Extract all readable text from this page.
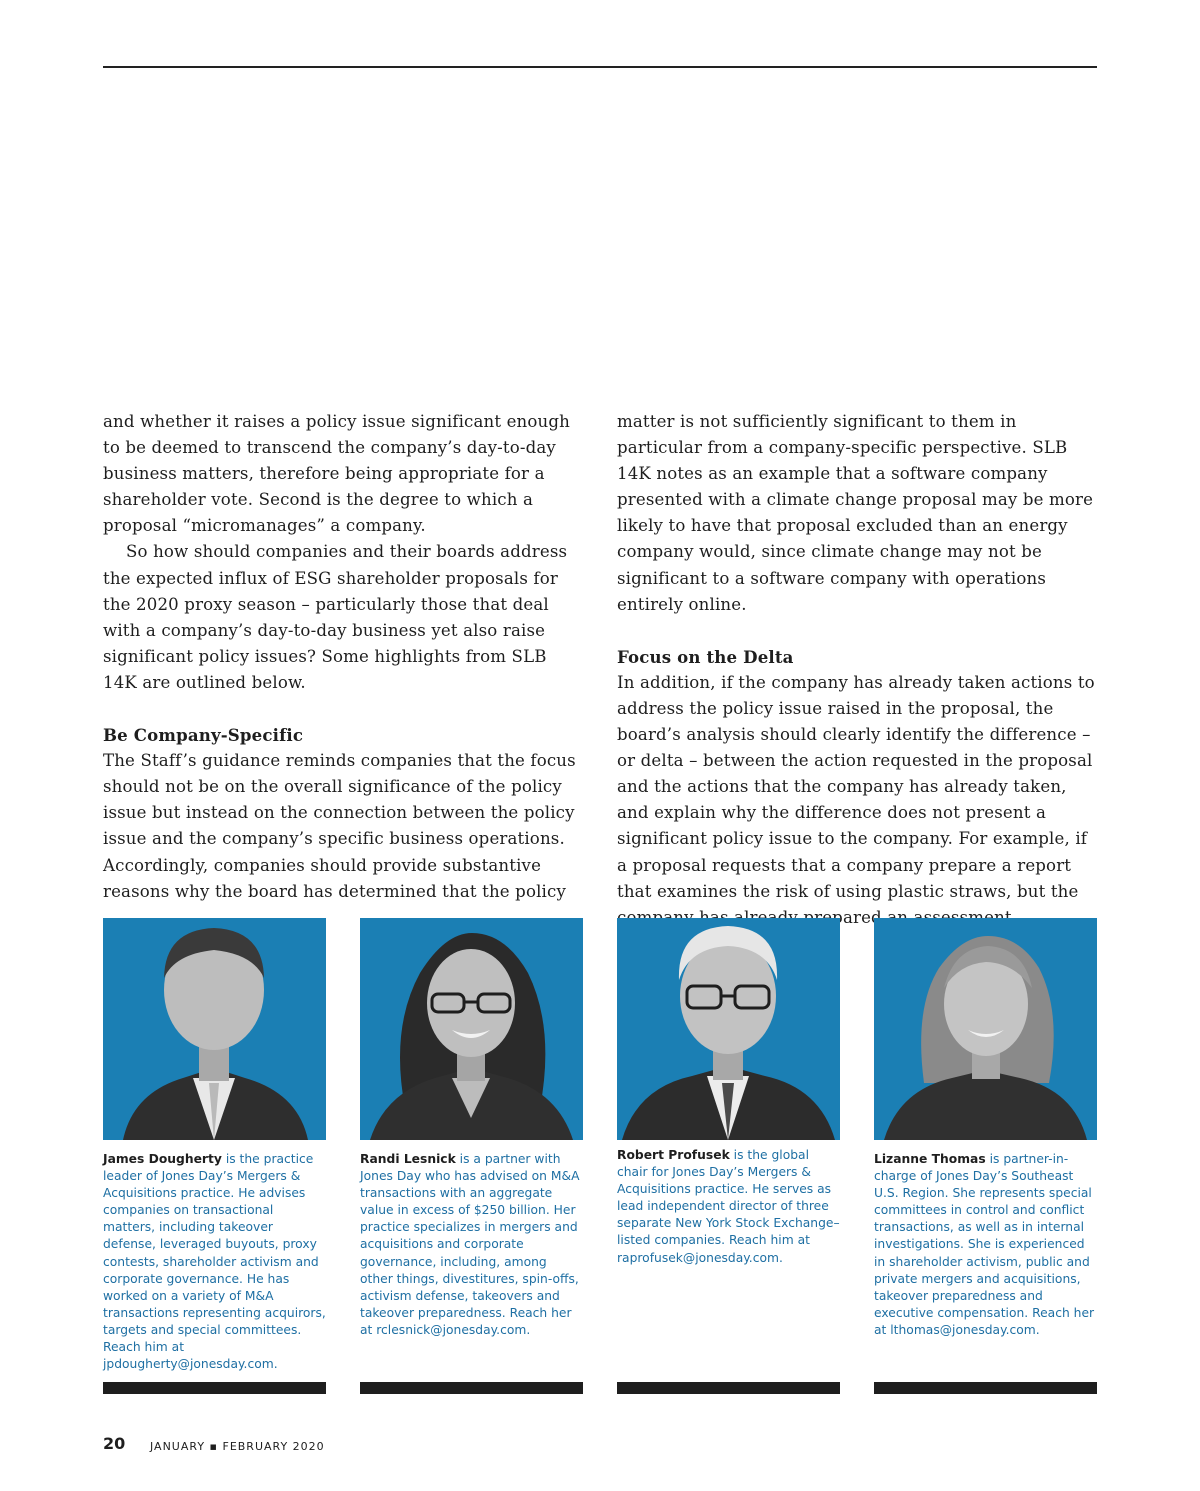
and whether it raises a policy issue significant enough to be deemed to transcend the company’s day-to-day business matters, therefore being appropriate for a shareholder vote. Second is the degree to which a proposal “micromanages” a company.

So how should companies and their boards address the expected influx of ESG shareholder proposals for the 2020 proxy season – particularly those that deal with a company’s day-to-day business yet also raise significant policy issues? Some highlights from SLB 14K are outlined below.

Be Company-Specific

The Staff’s guidance reminds companies that the focus should not be on the overall significance of the policy issue but instead on the connection between the policy issue and the company’s specific business operations. Accordingly, companies should provide substantive reasons why the board has determined that the policy

matter is not sufficiently significant to them in particular from a company-specific perspective. SLB 14K notes as an example that a software company presented with a climate change proposal may be more likely to have that proposal excluded than an energy company would, since climate change may not be significant to a software company with operations entirely online.

Focus on the Delta

In addition, if the company has already taken actions to address the policy issue raised in the proposal, the board’s analysis should clearly identify the difference – or delta – between the action requested in the proposal and the actions that the company has already taken, and explain why the difference does not present a significant policy issue to the company. For example, if a proposal requests that a company prepare a report that examines the risk of using plastic straws, but the prepared

James Dougherty is the practice leader of Jones Day’s Mergers & Acquisitions practice. He advises companies on transactional matters, including takeover defense, leveraged buyouts, proxy contests, shareholder activism and corporate governance. He has worked on a variety of M&A transactions representing acquirors, targets and special committees. Reach him at jpdougherty@jonesday.com.
Randi Lesnick is a partner with Jones Day who has advised on M&A transactions with an aggregate value in excess of $250 billion. Her practice specializes in mergers and acquisitions and corporate governance, including, among other things, divestitures, spin-offs, activism defense, takeovers and takeover preparedness. Reach her at rclesnick@jonesday.com.
Robert Profusek is the global chair for Jones Day’s Mergers & Acquisitions practice. He serves as lead independent director of three separate New York Stock Exchange–listed companies. Reach him at raprofusek@jonesday.com.
Lizanne Thomas is partner-in-charge of Jones Day’s Southeast U.S. Region. She represents special committees in control and conflict transactions, as well as in internal investigations. She is experienced in shareholder activism, public and private mergers and acquisitions, takeover preparedness and executive compensation. Reach her at lthomas@jonesday.com.
20 JANUARY ▪ FEBRUARY 2020
